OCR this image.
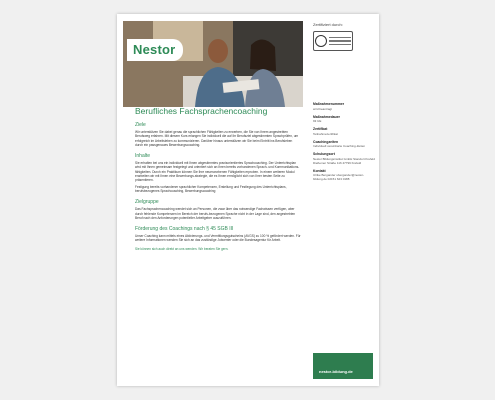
Nestor
Zertifiziert durch:
Berufliches Fachsprachencoaching
Ziele

Wir unterstützen Sie dabei genau die sprachlichen Fähigkeiten zu erwerben, die Sie von Ihrem angestrebten Berufsweg erfahren. Mit diesem Kurs erlangen Sie individuell die auf Ihr Berufsziel abgestimmten Sprachprüfen, um erfolgreich im Arbeitsleben zu kommunizieren. Darüber hinaus unterstützen wir Sie beim Eintritt ins Berufsleben durch ein passgenaues Bewerbungscoaching.

Inhalte

Sie erhalten bei uns ein individuell mit Ihnen abgestimmtes praxisorientiertes Sprachcoaching. Der Unterrichtsplan wird mit Ihnen gemeinsam festgelegt und orientiert sich an Ihren bereits vorhandenen Sprach- und Kommunikations-fähigkeiten. Durch ein Praktikum können Sie Ihre neuerworbenen Fähigkeiten erproben. In einem weiteren Modul erarbeiten wir mit Ihnen eine Bewerbungs-strategie, die es Ihnen ermöglicht sich von Ihrer besten Seite zu präsentieren.

Festigung bereits vorhandener sprachlicher Kompetenzen, Erstellung und Festlegung des Unterrichtsplans, berufsbezogenes Sprachcoaching, Bewerbungscoaching

Zielgruppe

Das Fachsprachencoaching wendet sich an Personen, die zwar über das notwendige Fachwissen verfügen, aber durch fehlende Kompetenzen im Bereich der berufs-bezogenen Sprache nicht in der Lage sind, den angestrebten Beruf nach den Anforderungen potentieller Arbeitgeber auszuführen.

Förderung des Coachings nach § 45 SGB III

Unser Coaching kann mittels eines Aktivierungs- und Vermittlungsgutscheins (AVGS) zu 100 % gefördert werden. Für weitere Informationen wenden Sie sich an das zuständige Jobcenter oder die Bundesagentur für Arbeit.

Sie können sich auch direkt an uns wenden. Wir beraten Sie gern.

Maßnahmenummer
wird beantragt
Maßnahmedauer
93 UE
Zertifikat
Teilnahmezertifikat
Coachingzeiten
Individuell vereinbarte Coaching-Zeiten
Schulungsort
Nestor Bildungsinstitut GmbH Standort Krefeld Dießemer Straße 116 47799 Krefeld
Kontakt
Ulrike Bergander ubergander@nestor-bildung.de 02151 623 0188
nestor-bildung.de
